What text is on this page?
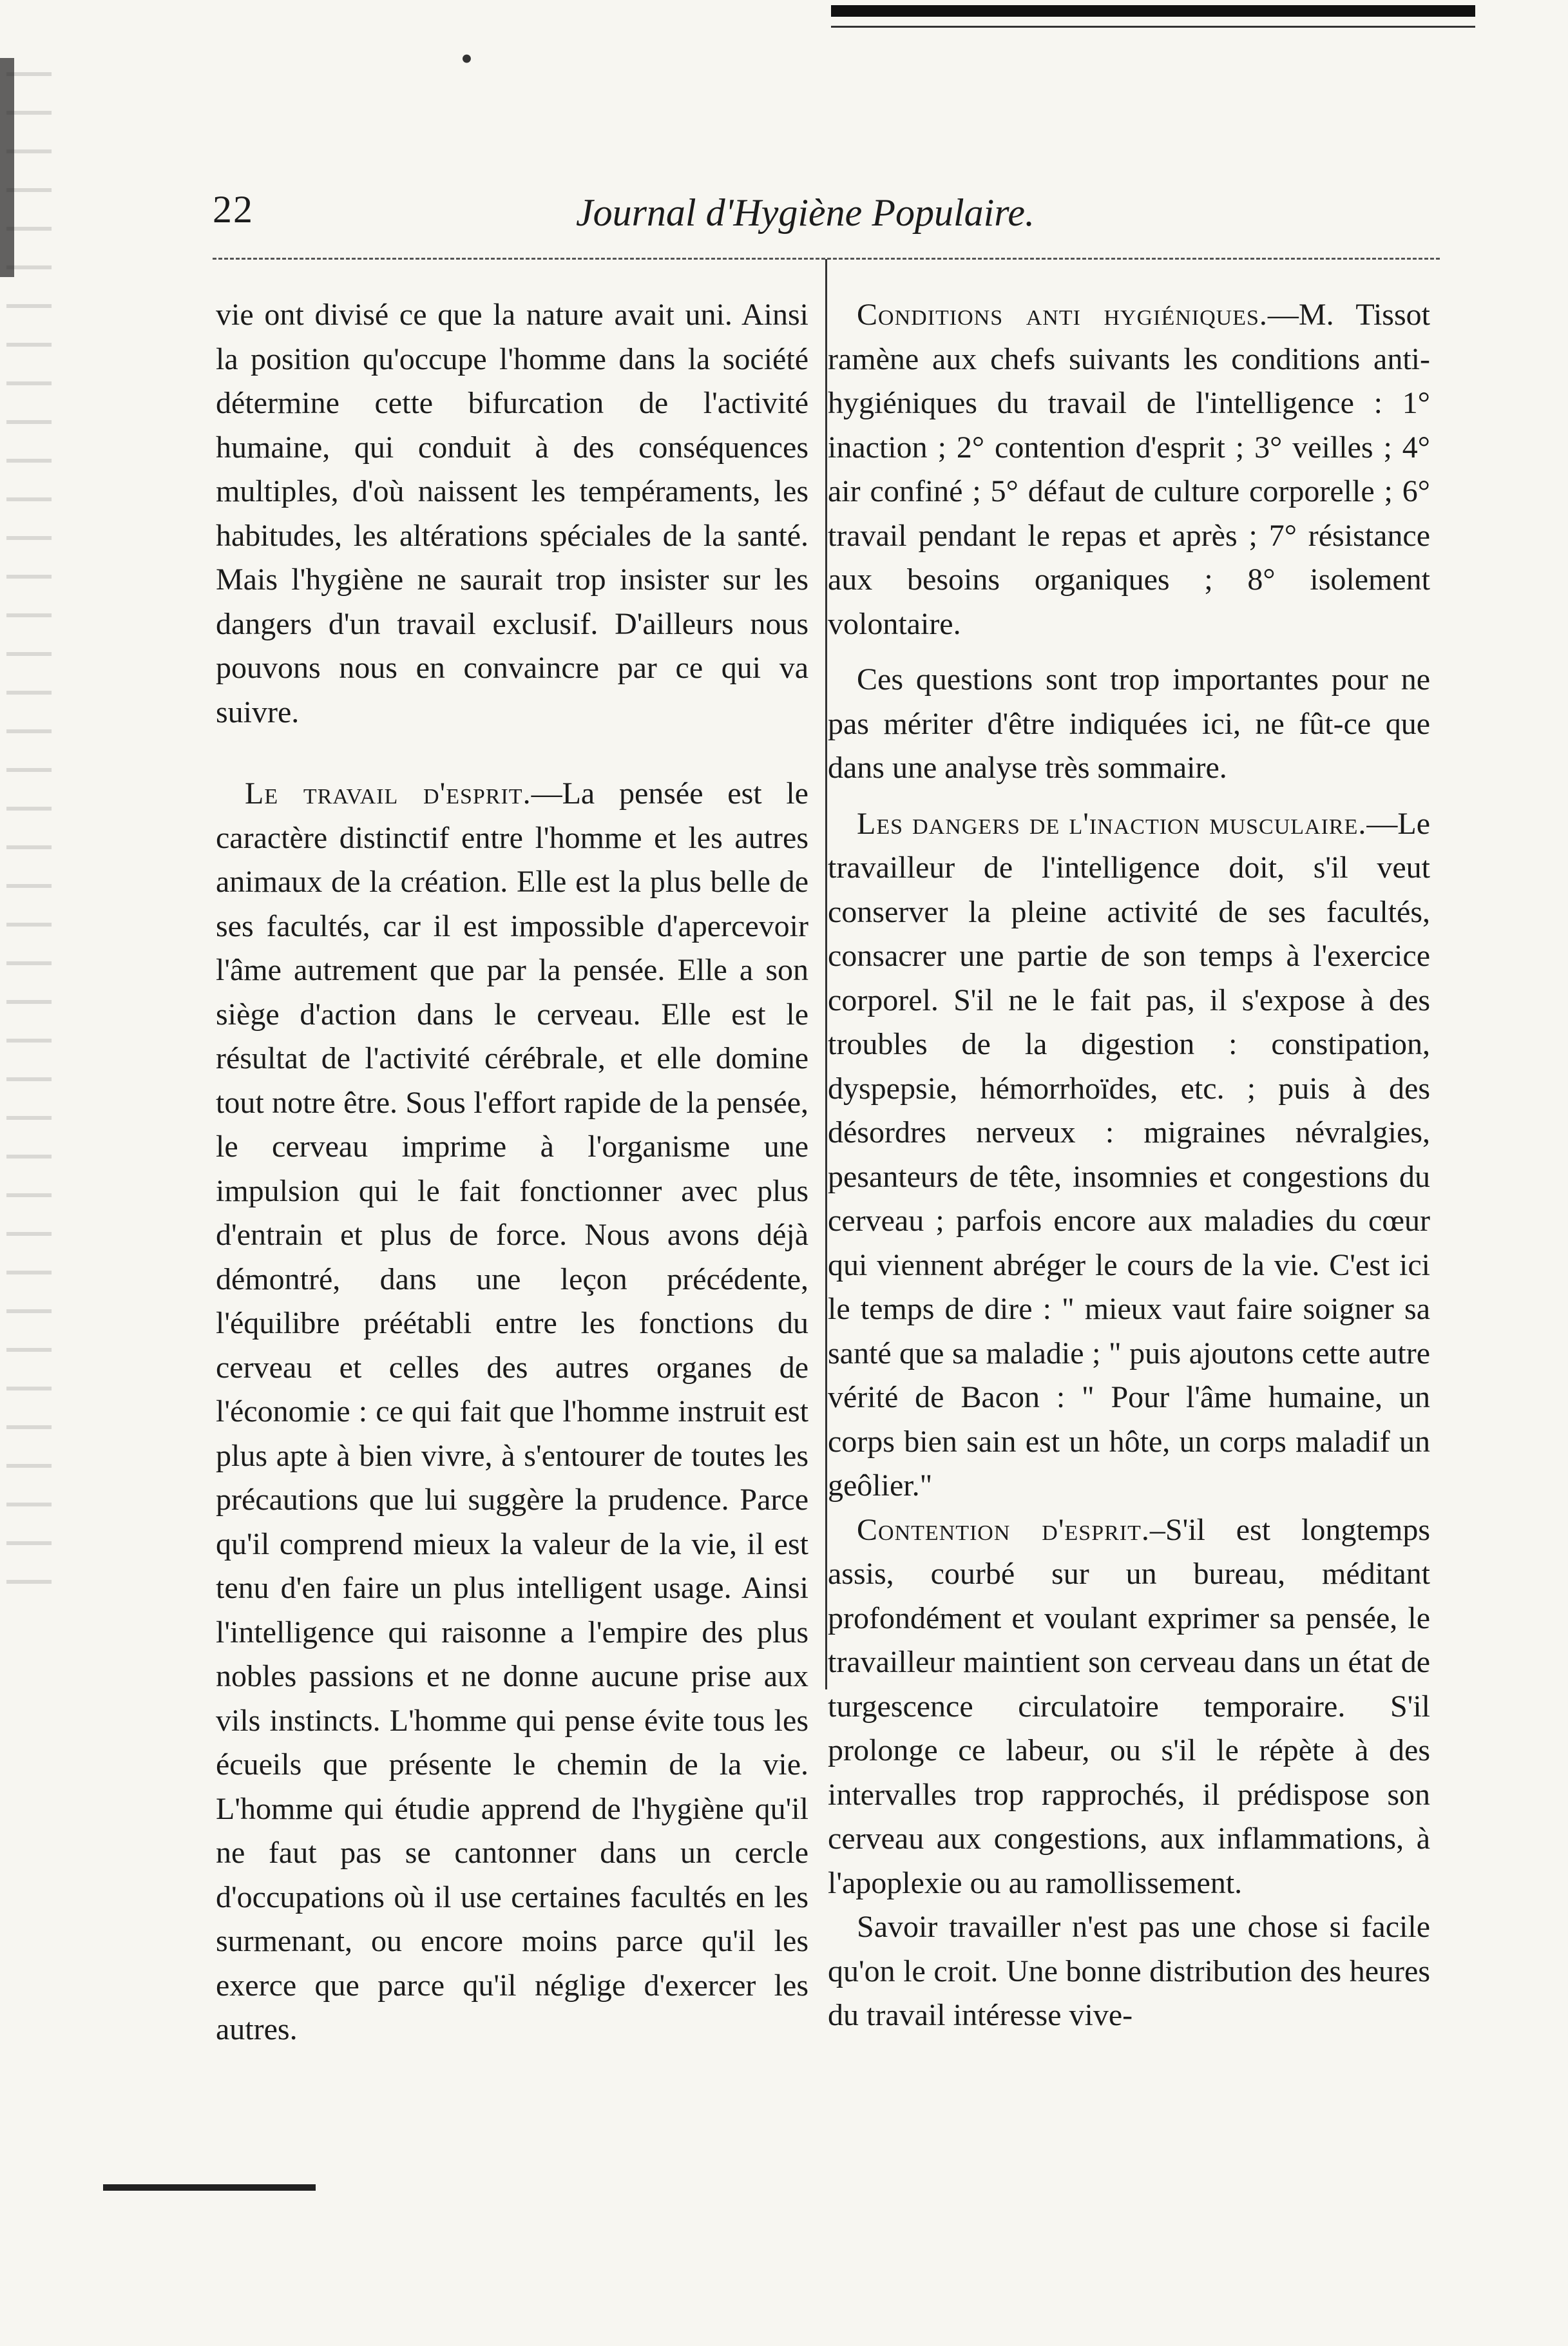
•
22	Journal d'Hygiène Populaire.

vie ont divisé ce que la nature avait uni. Ainsi la position qu'occupe l'homme dans la société détermine cette bifurcation de l'activité humaine, qui conduit à des conséquences multiples, d'où naissent les tempéraments, les habitudes, les altérations spéciales de la santé. Mais l'hygiène ne saurait trop insister sur les dangers d'un travail exclusif. D'ailleurs nous pouvons nous en convaincre par ce qui va suivre.

Le travail d'esprit.—La pensée est le caractère distinctif entre l'homme et les autres animaux de la création. Elle est la plus belle de ses facultés, car il est impossible d'apercevoir l'âme autrement que par la pensée. Elle a son siège d'action dans le cerveau. Elle est le résultat de l'activité cérébrale, et elle domine tout notre être. Sous l'effort rapide de la pensée, le cerveau imprime à l'organisme une impulsion qui le fait fonctionner avec plus d'entrain et plus de force. Nous avons déjà démontré, dans une leçon précédente, l'équilibre préétabli entre les fonctions du cerveau et celles des autres organes de l'économie : ce qui fait que l'homme instruit est plus apte à bien vivre, à s'entourer de toutes les précautions que lui suggère la prudence. Parce qu'il comprend mieux la valeur de la vie, il est tenu d'en faire un plus intelligent usage. Ainsi l'intelligence qui raisonne a l'empire des plus nobles passions et ne donne aucune prise aux vils instincts. L'homme qui pense évite tous les écueils que présente le chemin de la vie. L'homme qui étudie apprend de l'hygiène qu'il ne faut pas se cantonner dans un cercle d'occupations où il use certaines facultés en les surmenant, ou encore moins parce qu'il les exerce que parce qu'il néglige d'exercer les autres.

Conditions anti hygiéniques.—M. Tissot ramène aux chefs suivants les conditions anti-hygiéniques du travail de l'intelligence : 1° inaction ; 2° contention d'esprit ; 3° veilles ; 4° air confiné ; 5° défaut de culture corporelle ; 6° travail pendant le repas et après ; 7° résistance aux besoins organiques ; 8° isolement volontaire.

Ces questions sont trop importantes pour ne pas mériter d'être indiquées ici, ne fût-ce que dans une analyse très sommaire.

Les dangers de l'inaction musculaire.—Le travailleur de l'intelligence doit, s'il veut conserver la pleine activité de ses facultés, consacrer une partie de son temps à l'exercice corporel. S'il ne le fait pas, il s'expose à des troubles de la digestion : constipation, dyspepsie, hémorrhoïdes, etc. ; puis à des désordres nerveux : migraines névralgies, pesanteurs de tête, insomnies et congestions du cerveau ; parfois encore aux maladies du cœur qui viennent abréger le cours de la vie. C'est ici le temps de dire : " mieux vaut faire soigner sa santé que sa maladie ; " puis ajoutons cette autre vérité de Bacon : " Pour l'âme humaine, un corps bien sain est un hôte, un corps maladif un geôlier."

Contention d'esprit.–S'il est longtemps assis, courbé sur un bureau, méditant profondément et voulant exprimer sa pensée, le travailleur maintient son cerveau dans un état de turgescence circulatoire temporaire. S'il prolonge ce labeur, ou s'il le répète à des intervalles trop rapprochés, il prédispose son cerveau aux congestions, aux inflammations, à l'apoplexie ou au ramollissement.

Savoir travailler n'est pas une chose si facile qu'on le croit. Une bonne distribution des heures du travail intéresse vive-
